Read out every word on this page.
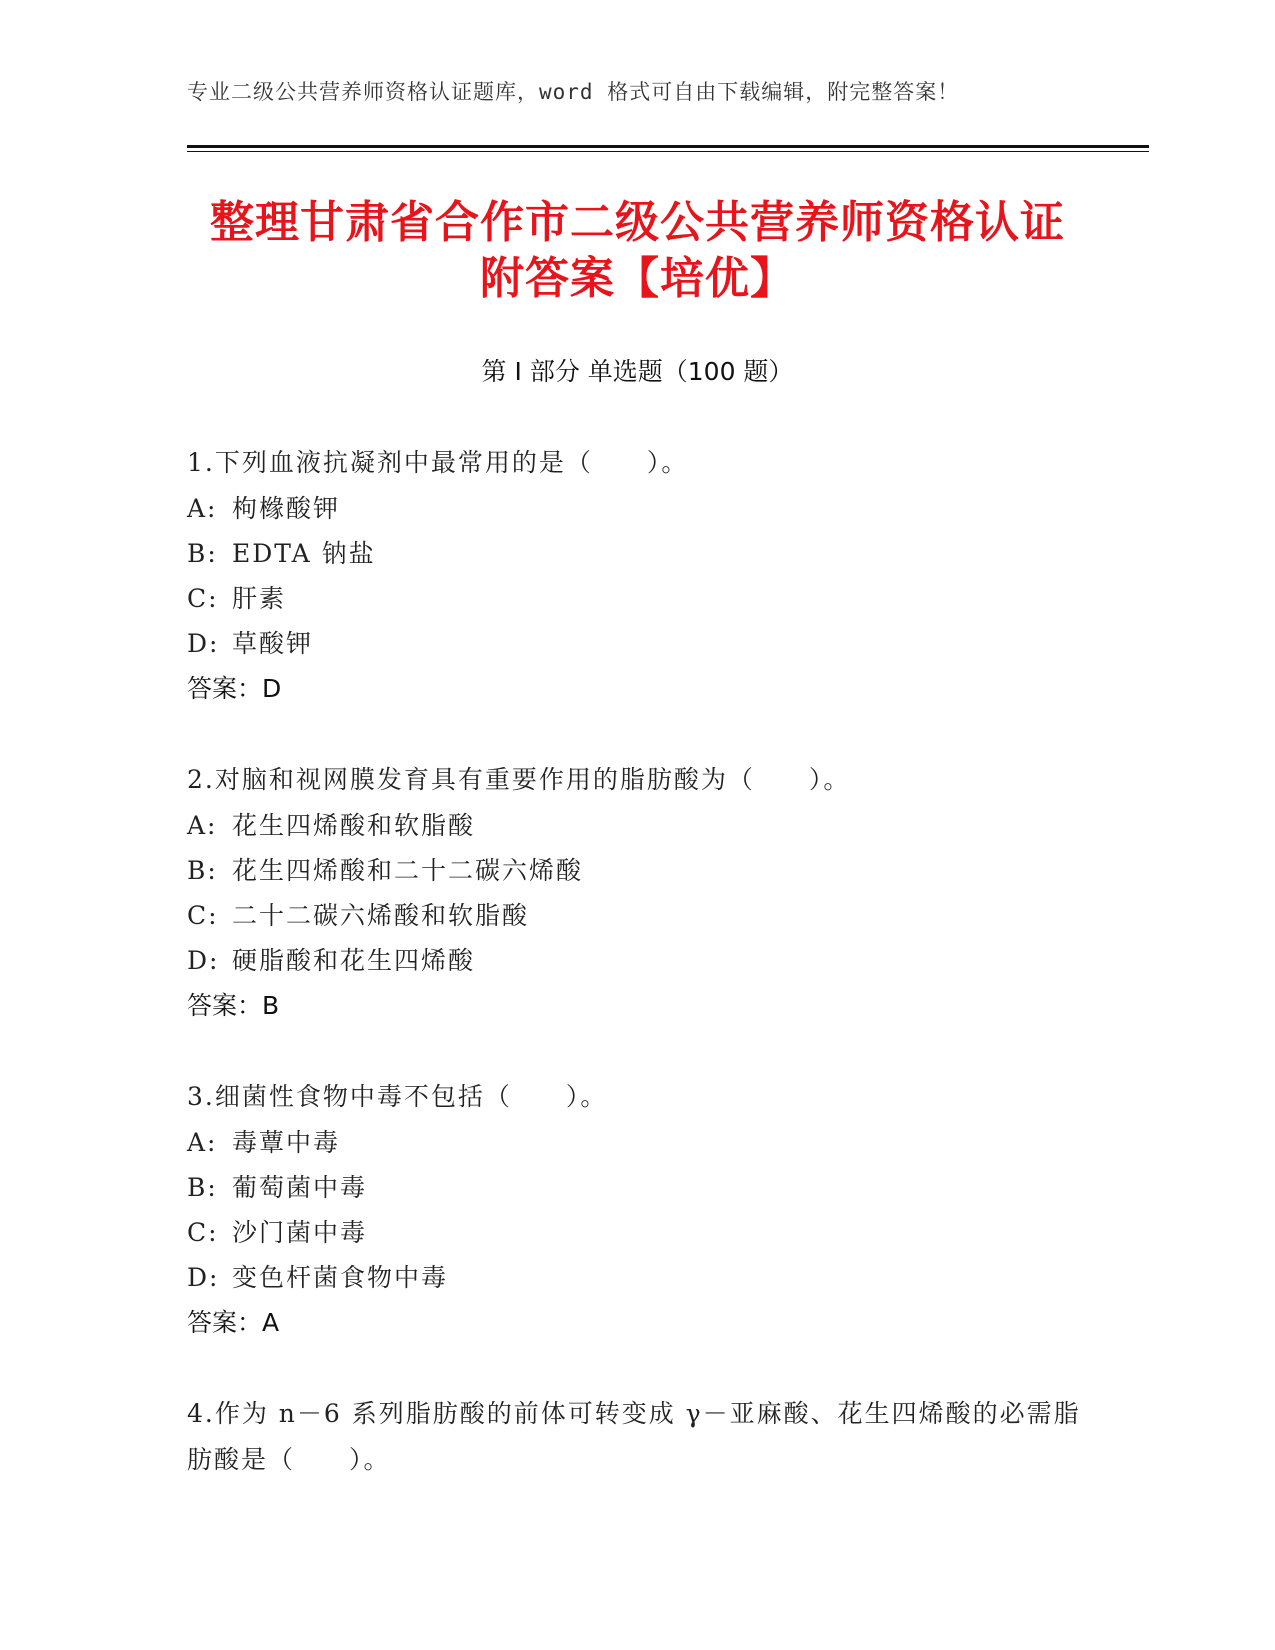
专业二级公共营养师资格认证题库，word 格式可自由下载编辑，附完整答案！
整理甘肃省合作市二级公共营养师资格认证
附答案【培优】
第 I 部分 单选题（100 题）
1.下列血液抗凝剂中最常用的是（　　）。
A: 枸橼酸钾
B: EDTA 钠盐
C: 肝素
D: 草酸钾
答案：D
2.对脑和视网膜发育具有重要作用的脂肪酸为（　　）。
A: 花生四烯酸和软脂酸
B: 花生四烯酸和二十二碳六烯酸
C: 二十二碳六烯酸和软脂酸
D: 硬脂酸和花生四烯酸
答案：B
3.细菌性食物中毒不包括（　　）。
A: 毒蕈中毒
B: 葡萄菌中毒
C: 沙门菌中毒
D: 变色杆菌食物中毒
答案：A
4.作为 n－6 系列脂肪酸的前体可转变成 γ－亚麻酸、花生四烯酸的必需脂肪酸是（　　）。
